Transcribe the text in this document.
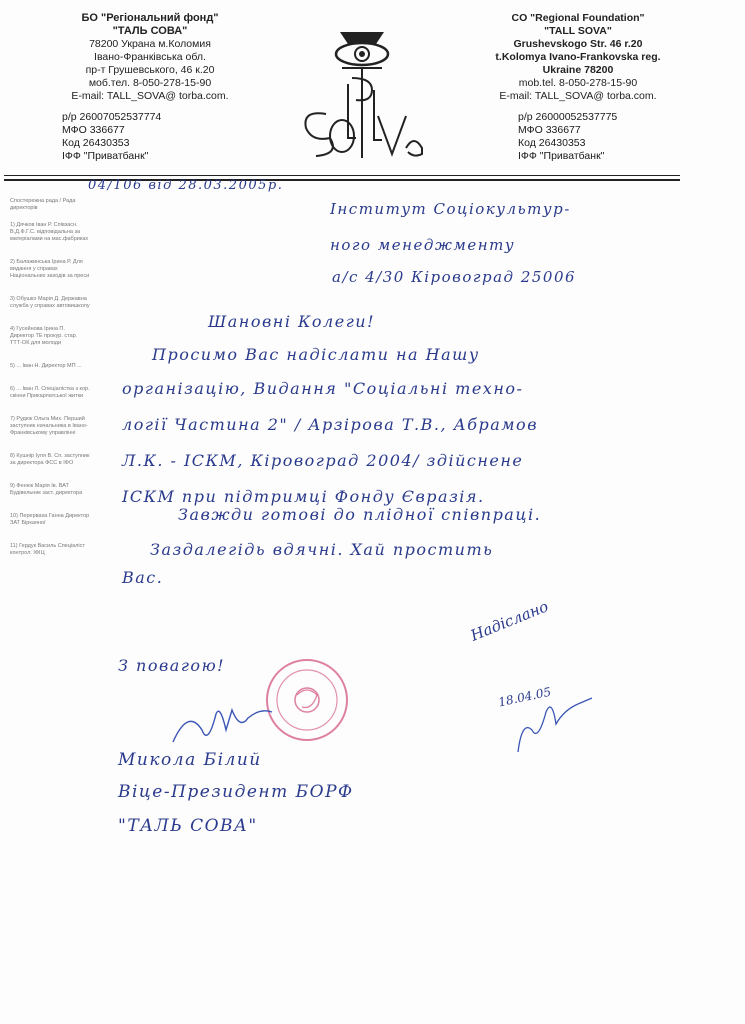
БО "Регіональний фонд"
"ТАЛЬ СОВА"
78200 Украна м.Коломия
Івано-Франківська обл.
пр-т Грушевського, 46 к.20
моб.тел. 8-050-278-15-90
E-mail: TALL_SOVA@ torba.com.
CO "Regional Foundation"
"TALL SOVA"
Grushevskogo Str. 46 r.20
t.Kolomya Ivano-Frankovska reg.
Ukraine 78200
mob.tel. 8-050-278-15-90
E-mail: TALL_SOVA@ torba.com.
р/р 26007052537774
МФО 336677
Код 26430353
ІФФ "Приватбанк"
р/р 26000052537775
МФО 336677
Код 26430353
ІФФ "Приватбанк"
Спостережна рада / Рада директорів
1) Дячков Іван Р. Співзасн. В.Д.Ф.Г.С. відповідальна за матеріалами на мас.фабриках
2) Балажинська Ірина Р. Для видання у справах Національних заходів за преси
3) Обушко Марія Д. Державна служба у справах автовишколу
4) Гусейнова Ірина П. Директор ТЕ прокур. стар. ТТТ-ОК для молоди
5) ... Іван Н. Директор МП ...
6) ... Іван Л. Спеціалістка з кор. скінни Прикарпатської житки
7) Рудюк Ольга Мих. Перший заступник начальника в Івано-Франківському управлінні
8) Кушнір Іуля В. Сп. заступник за директора ФСС в ІФО
9) Фенюк Марія Ів. ВАТ Будівельник заст. директора
10) Перерваха Ганна Директор ЗАТ Біркаяної
11) Гердук Василь Спеціаліст контрол. ІФІЦ
04/106 від 28.03.2005р.
Інститут Соціокультур-
ного менеджменту
а/с 4/30 Кіровоград 25006
Шановні Колеги!
Просимо Вас надіслати на Нашу
організацію, Видання "Соціальні техно-
логії Частина 2" / Арзірова Т.В., Абрамов
Л.К. - ІСКМ, Кіровоград 2004/ здійснене
ІСКМ при підтримці Фонду Євразія.
Завжди готові до плідної співпраці.
Заздалегідь вдячні. Хай простить
Вас.
З повагою!
Микола Білий
Віце-Президент БОРФ
"ТАЛЬ СОВА"
Надіслано
18.04.05
